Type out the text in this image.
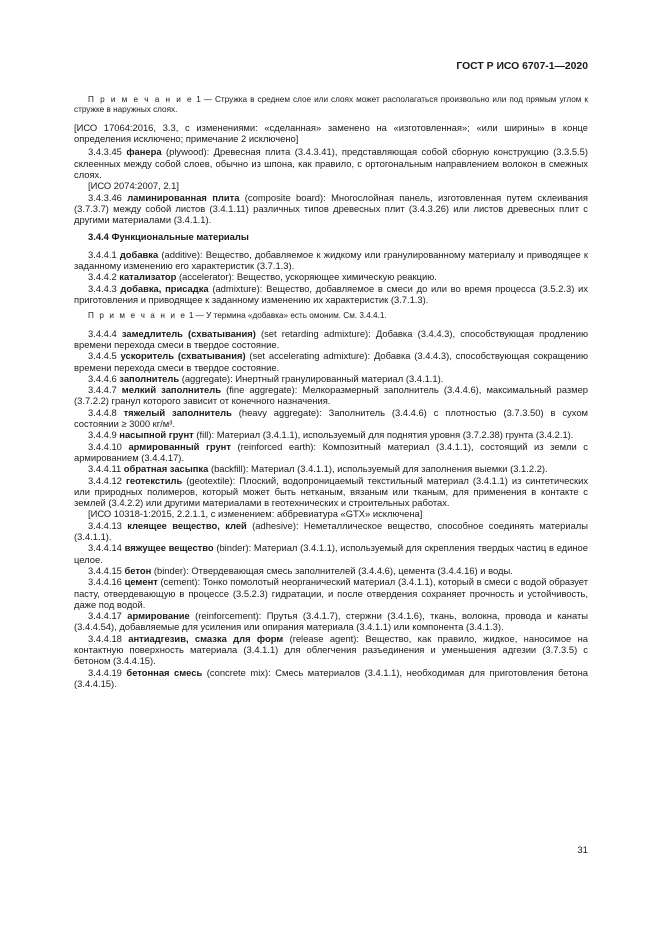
ГОСТ Р ИСО 6707-1—2020

П р и м е ч а н и е 1 — Стружка в среднем слое или слоях может располагаться произвольно или под прямым углом к стружке в наружных слоях.

[ИСО 17064:2016, 3.3, с изменениями: «сделанная» заменено на «изготовленная»; «или ширины» в конце определения исключено; примечание 2 исключено]

3.4.3.45 фанера (plywood): Древесная плита (3.4.3.41), представляющая собой сборную конструкцию (3.3.5.5) склеенных между собой слоев, обычно из шпона, как правило, с ортогональным направлением волокон в смежных слоях.

[ИСО 2074:2007, 2.1]

3.4.3.46 ламинированная плита (composite board): Многослойная панель, изготовленная путем склеивания (3.7.3.7) между собой листов (3.4.1.11) различных типов древесных плит (3.4.3.26) или листов древесных плит с другими материалами (3.4.1.1).

3.4.4 Функциональные материалы

3.4.4.1 добавка (additive): Вещество, добавляемое к жидкому или гранулированному материалу и приводящее к заданному изменению его характеристик (3.7.1.3).

3.4.4.2 катализатор (accelerator): Вещество, ускоряющее химическую реакцию.

3.4.4.3 добавка, присадка (admixture): Вещество, добавляемое в смеси до или во время процесса (3.5.2.3) их приготовления и приводящее к заданному изменению их характеристик (3.7.1.3).

П р и м е ч а н и е 1 — У термина «добавка» есть омоним. См. 3.4.4.1.

3.4.4.4 замедлитель (схватывания) (set retarding admixture): Добавка (3.4.4.3), способствующая продлению времени перехода смеси в твердое состояние.

3.4.4.5 ускоритель (схватывания) (set accelerating admixture): Добавка (3.4.4.3), способствующая сокращению времени перехода смеси в твердое состояние.

3.4.4.6 заполнитель (aggregate): Инертный гранулированный материал (3.4.1.1).

3.4.4.7 мелкий заполнитель (fine aggregate): Мелкоразмерный заполнитель (3.4.4.6), максимальный размер (3.7.2.2) гранул которого зависит от конечного назначения.

3.4.4.8 тяжелый заполнитель (heavy aggregate): Заполнитель (3.4.4.6) с плотностью (3.7.3.50) в сухом состоянии ≥ 3000 кг/м³.

3.4.4.9 насыпной грунт (fill): Материал (3.4.1.1), используемый для поднятия уровня (3.7.2.38) грунта (3.4.2.1).

3.4.4.10 армированный грунт (reinforced earth): Композитный материал (3.4.1.1), состоящий из земли с армированием (3.4.4.17).

3.4.4.11 обратная засыпка (backfill): Материал (3.4.1.1), используемый для заполнения выемки (3.1.2.2).

3.4.4.12 геотекстиль (geotextile): Плоский, водопроницаемый текстильный материал (3.4.1.1) из синтетических или природных полимеров, который может быть нетканым, вязаным или тканым, для применения в контакте с землей (3.4.2.2) или другими материалами в геотехнических и строительных работах.

[ИСО 10318-1:2015, 2.2.1.1, с изменением: аббревиатура «GTX» исключена]

3.4.4.13 клеящее вещество, клей (adhesive): Неметаллическое вещество, способное соединять материалы (3.4.1.1).

3.4.4.14 вяжущее вещество (binder): Материал (3.4.1.1), используемый для скрепления твердых частиц в единое целое.

3.4.4.15 бетон (binder): Отвердевающая смесь заполнителей (3.4.4.6), цемента (3.4.4.16) и воды.

3.4.4.16 цемент (cement): Тонко помолотый неорганический материал (3.4.1.1), который в смеси с водой образует пасту, отвердевающую в процессе (3.5.2.3) гидратации, и после отвердения сохраняет прочность и устойчивость, даже под водой.

3.4.4.17 армирование (reinforcement): Прутья (3.4.1.7), стержни (3.4.1.6), ткань, волокна, провода и канаты (3.4.4.54), добавляемые для усиления или опирания материала (3.4.1.1) или компонента (3.4.1.3).

3.4.4.18 антиадгезив, смазка для форм (release agent): Вещество, как правило, жидкое, наносимое на контактную поверхность материала (3.4.1.1) для облегчения разъединения и уменьшения адгезии (3.7.3.5) с бетоном (3.4.4.15).

3.4.4.19 бетонная смесь (concrete mix): Смесь материалов (3.4.1.1), необходимая для приготовления бетона (3.4.4.15).

31
